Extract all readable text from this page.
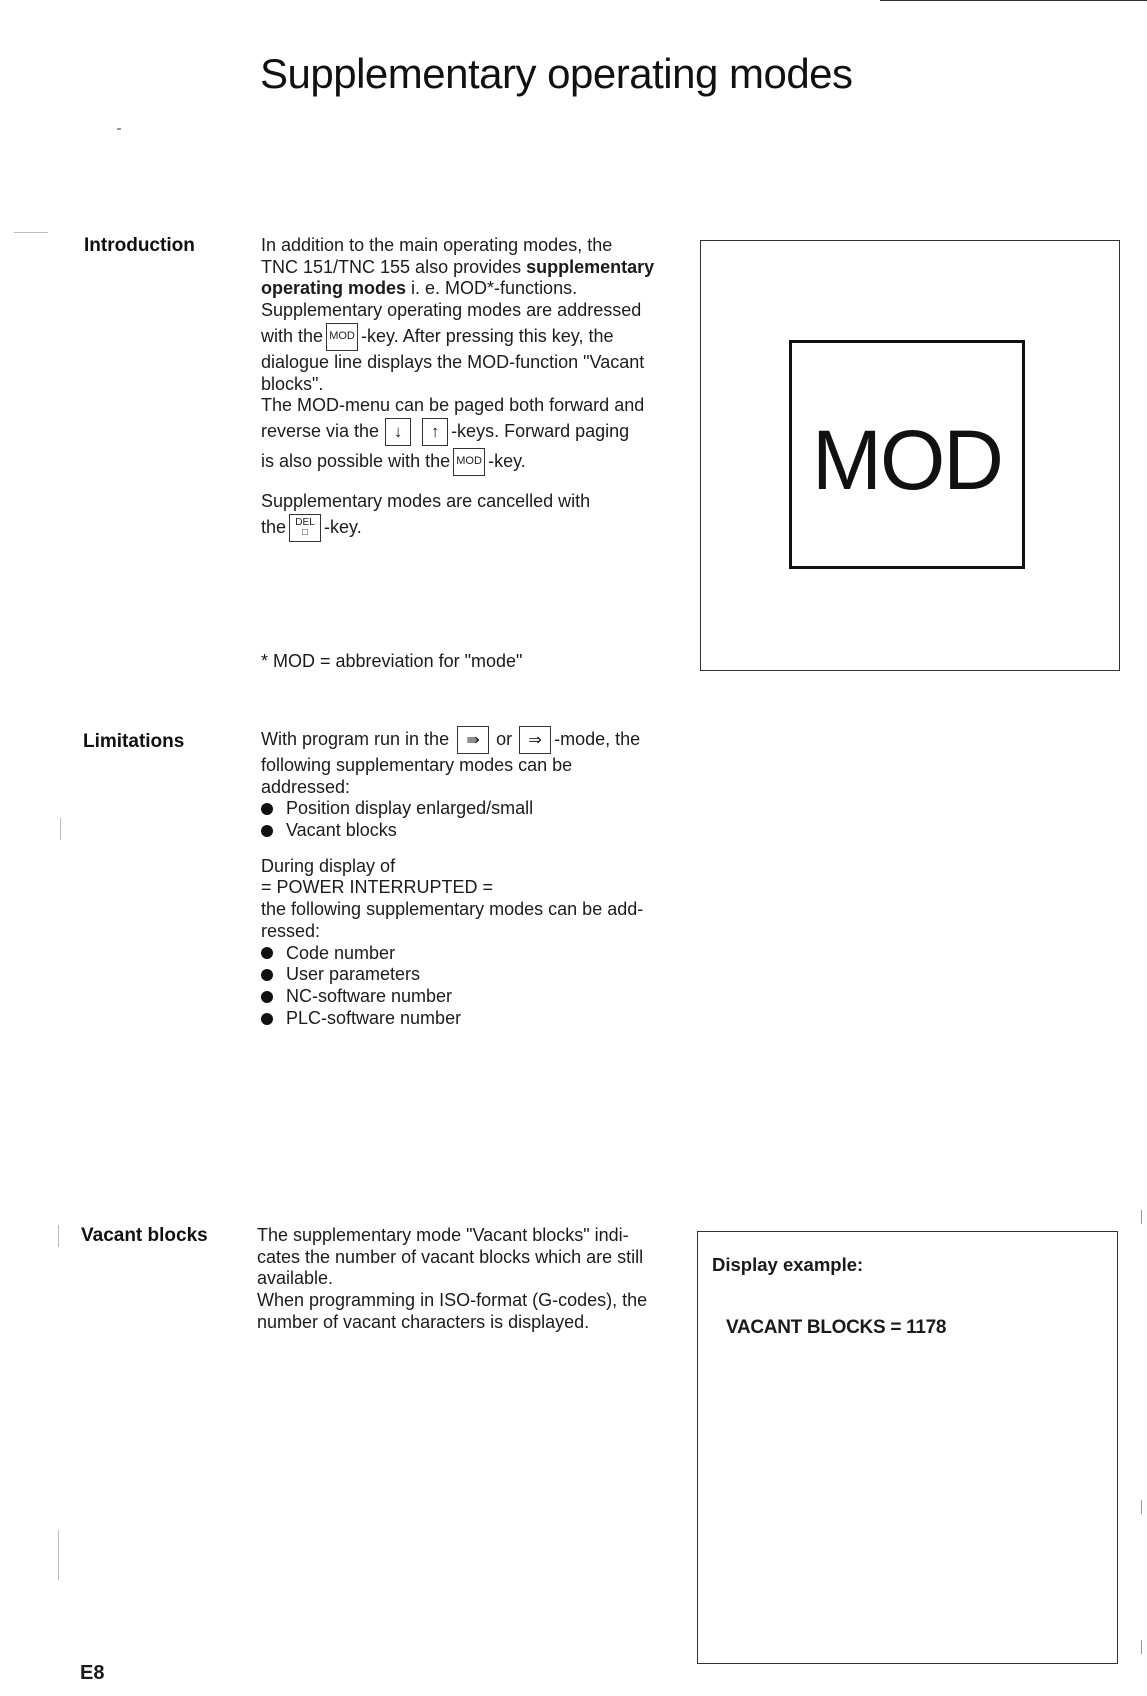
Supplementary operating modes
Introduction	In addition to the main operating modes, the

TNC 151/TNC 155 also provides supplementary

operating modes i. e. MOD*-functions.

Supplementary operating modes are addressed

with the MOD -key. After pressing this key, the

dialogue line displays the MOD-function "Vacant

blocks".

The MOD-menu can be paged both forward and

reverse via the ↓	↑ -keys. Forward paging
is also possible with the MOD -key.

Supplementary modes are cancelled with

the DEL
□ -key.
* MOD = abbreviation for "mode"
MOD
Limitations	With program run in the	⇛ or	⇒ -mode, the

following supplementary modes can be

addressed:

Position display enlarged/small
Vacant blocks

During display of

= POWER INTERRUPTED =

the following supplementary modes can be add-

ressed:

Code number
User parameters
NC-software number
PLC-software number
Vacant blocks	The supplementary mode "Vacant blocks" indi-

cates the number of vacant blocks which are still

available.

When programming in ISO-format (G-codes), the

number of vacant characters is displayed.

Display example:
VACANT BLOCKS = 1178
E8
